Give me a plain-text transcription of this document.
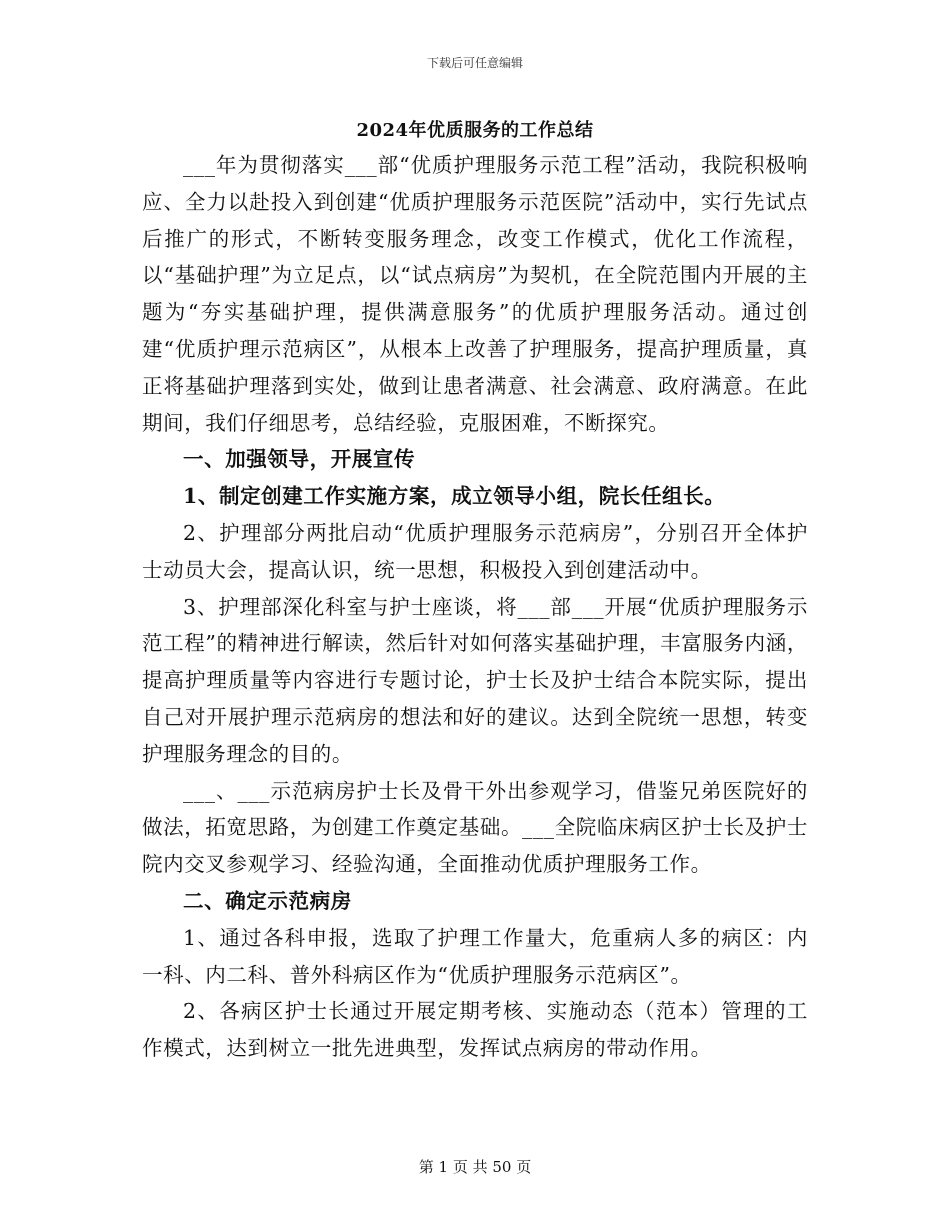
下载后可任意编辑
2024年优质服务的工作总结

___年为贯彻落实___部“优质护理服务示范工程”活动，我院积极响应、全力以赴投入到创建“优质护理服务示范医院”活动中，实行先试点后推广的形式，不断转变服务理念，改变工作模式，优化工作流程，以“基础护理”为立足点，以“试点病房”为契机，在全院范围内开展的主题为“夯实基础护理，提供满意服务”的优质护理服务活动。通过创建“优质护理示范病区”，从根本上改善了护理服务，提高护理质量，真正将基础护理落到实处，做到让患者满意、社会满意、政府满意。在此期间，我们仔细思考，总结经验，克服困难，不断探究。

一、加强领导，开展宣传

1、制定创建工作实施方案，成立领导小组，院长任组长。

2、护理部分两批启动“优质护理服务示范病房”，分别召开全体护士动员大会，提高认识，统一思想，积极投入到创建活动中。

3、护理部深化科室与护士座谈，将___部___开展“优质护理服务示范工程”的精神进行解读，然后针对如何落实基础护理，丰富服务内涵，提高护理质量等内容进行专题讨论，护士长及护士结合本院实际，提出自己对开展护理示范病房的想法和好的建议。达到全院统一思想，转变护理服务理念的目的。

___、___示范病房护士长及骨干外出参观学习，借鉴兄弟医院好的做法，拓宽思路，为创建工作奠定基础。___全院临床病区护士长及护士院内交叉参观学习、经验沟通，全面推动优质护理服务工作。

二、确定示范病房

1、通过各科申报，选取了护理工作量大，危重病人多的病区：内一科、内二科、普外科病区作为“优质护理服务示范病区”。

2、各病区护士长通过开展定期考核、实施动态（范本）管理的工作模式，达到树立一批先进典型，发挥试点病房的带动作用。

第 1 页 共 50 页
